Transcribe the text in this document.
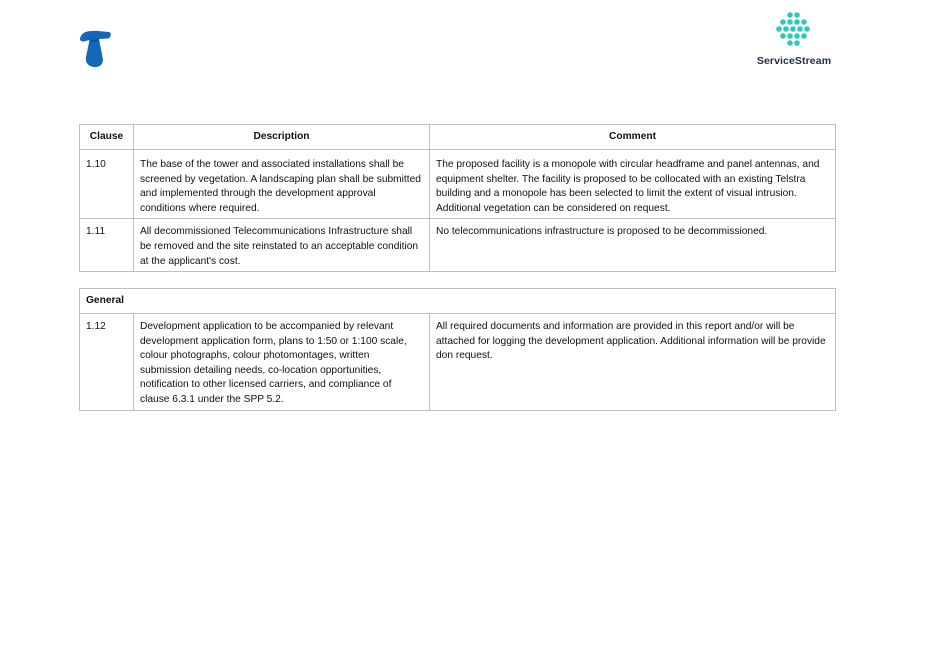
ServiceStream
Clause	Description	Comment
1.10	The base of the tower and associated installations shall be screened by vegetation. A landscaping plan shall be submitted and implemented through the development approval conditions where required.	The proposed facility is a monopole with circular headframe and panel antennas, and equipment shelter. The facility is proposed to be collocated with an existing Telstra building and a monopole has been selected to limit the extent of visual intrusion. Additional vegetation can be considered on request.
1.11	All decommissioned Telecommunications Infrastructure shall be removed and the site reinstated to an acceptable condition at the applicant's cost.	No telecommunications infrastructure is proposed to be decommissioned.
General
1.12	Development application to be accompanied by relevant development application form, plans to 1:50 or 1:100 scale, colour photographs, colour photomontages, written submission detailing needs, co-location opportunities, notification to other licensed carriers, and compliance of clause 6.3.1 under the SPP 5.2.	All required documents and information are provided in this report and/or will be attached for logging the development application. Additional information will be provide don request.
